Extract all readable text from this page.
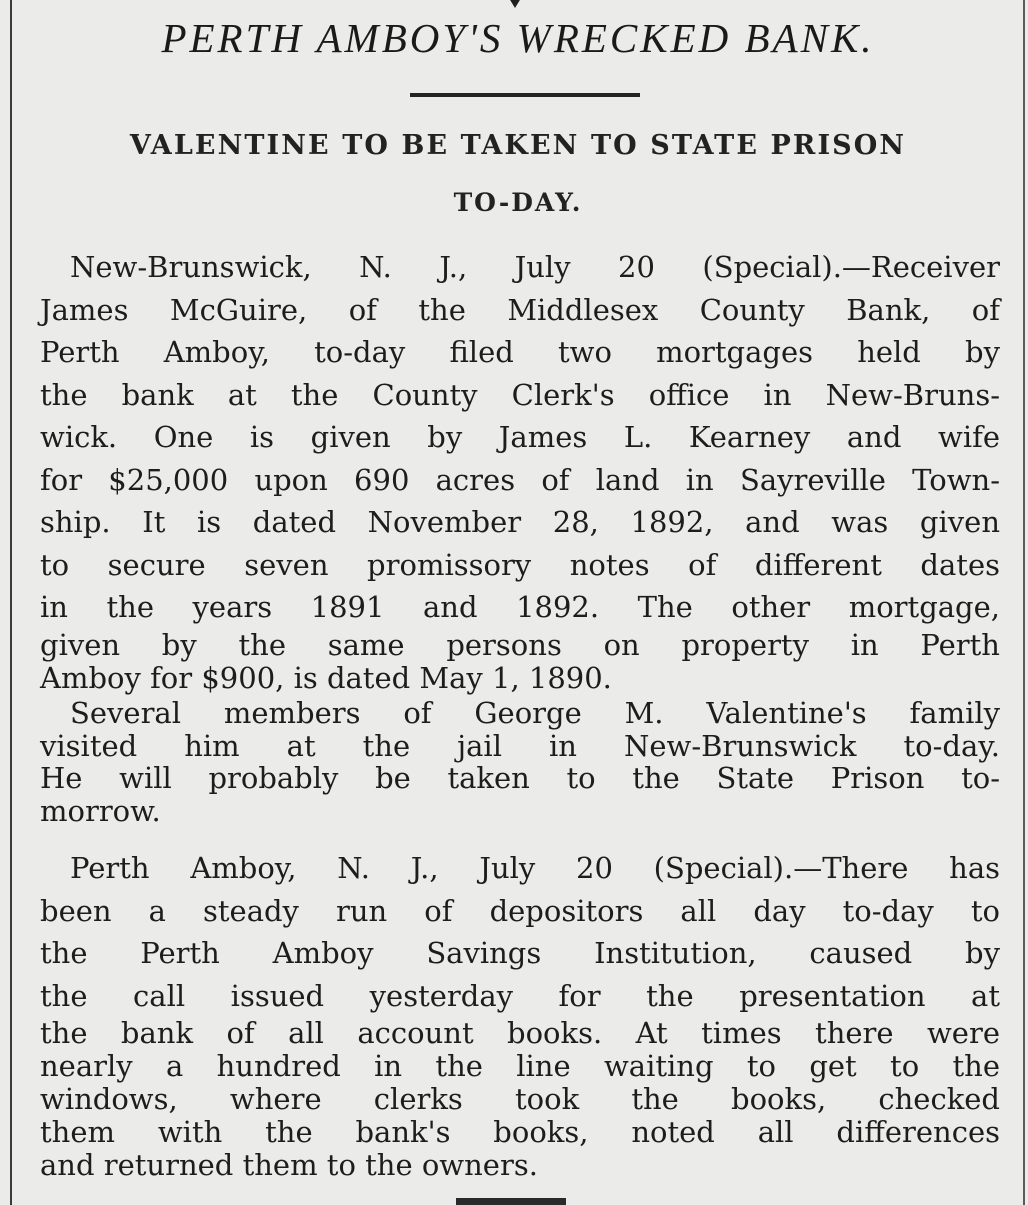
PERTH AMBOY'S WRECKED BANK.
VALENTINE TO BE TAKEN TO STATE PRISON
TO-DAY.
New-Brunswick, N. J., July 20 (Special).—Receiver
James McGuire, of the Middlesex County Bank, of
Perth Amboy, to-day filed two mortgages held by
the bank at the County Clerk's office in New-Bruns-
wick. One is given by James L. Kearney and wife
for $25,000 upon 690 acres of land in Sayreville Town-
ship. It is dated November 28, 1892, and was given
to secure seven promissory notes of different dates
in the years 1891 and 1892. The other mortgage,
given by the same persons on property in Perth
Amboy for $900, is dated May 1, 1890.
Several members of George M. Valentine's family
visited him at the jail in New-Brunswick to-day.
He will probably be taken to the State Prison to-
morrow.
Perth Amboy, N. J., July 20 (Special).—There has
been a steady run of depositors all day to-day to
the Perth Amboy Savings Institution, caused by
the call issued yesterday for the presentation at
the bank of all account books. At times there were
nearly a hundred in the line waiting to get to the
windows, where clerks took the books, checked
them with the bank's books, noted all differences
and returned them to the owners.
